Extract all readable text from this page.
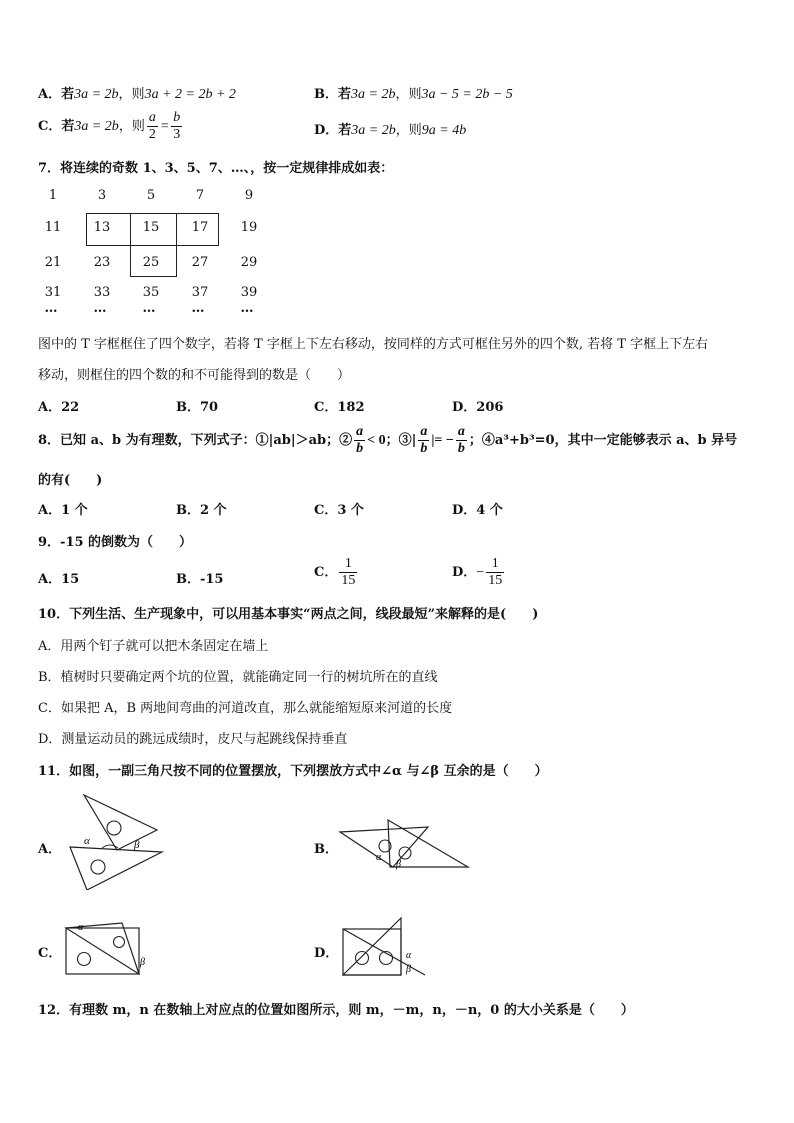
A．若3a = 2b，则3a + 2 = 2b + 2	B．若3a = 2b，则3a − 5 = 2b − 5
C．若3a = 2b，则 $\frac{a}{2} = \frac{b}{3}$	D．若3a = 2b，则9a = 4b
7．将连续的奇数 1、3、5、7、…、，按一定规律排成如表：
1	3	5	7	9
11	13	15	17	19
21	23	25	27	29
31	33	35	37	39
…	…	…	…	…
图中的 T 字框框住了四个数字，若将 T 字框上下左右移动，按同样的方式可框住另外的四个数, 若将 T 字框上下左右
移动，则框住的四个数的和不可能得到的数是（　　）
A．22	B．70	C．182	D．206
8．已知 a、b 为有理数，下列式子：①|ab|＞ab；② $\frac{a}{b} < 0$；③| $\frac{a}{b}$ |= − $\frac{a}{b}$ ；④a³+b³=0，其中一定能够表示 a、b 异号
的有(　　)
A．1 个	B．2 个	C．3 个	D．4 个
9．-15 的倒数为（　　）
A．15	B．-15	C． $\frac{1}{15}$	D．− $\frac{1}{15}$
10．下列生活、生产现象中，可以用基本事实“两点之间，线段最短”来解释的是(　　)
A．用两个钉子就可以把木条固定在墙上
B．植树时只要确定两个坑的位置，就能确定同一行的树坑所在的直线
C．如果把 A，B 两地间弯曲的河道改直，那么就能缩短原来河道的长度
D．测量运动员的跳远成绩时，皮尺与起跳线保持垂直
11．如图，一副三角尺按不同的位置摆放，下列摆放方式中∠α 与∠β 互余的是（　　）
A．
α	β	B．
α
β
C．
α
β
D．	α
β
12．有理数 m，n 在数轴上对应点的位置如图所示，则 m，－m，n，－n，0 的大小关系是（　　）
